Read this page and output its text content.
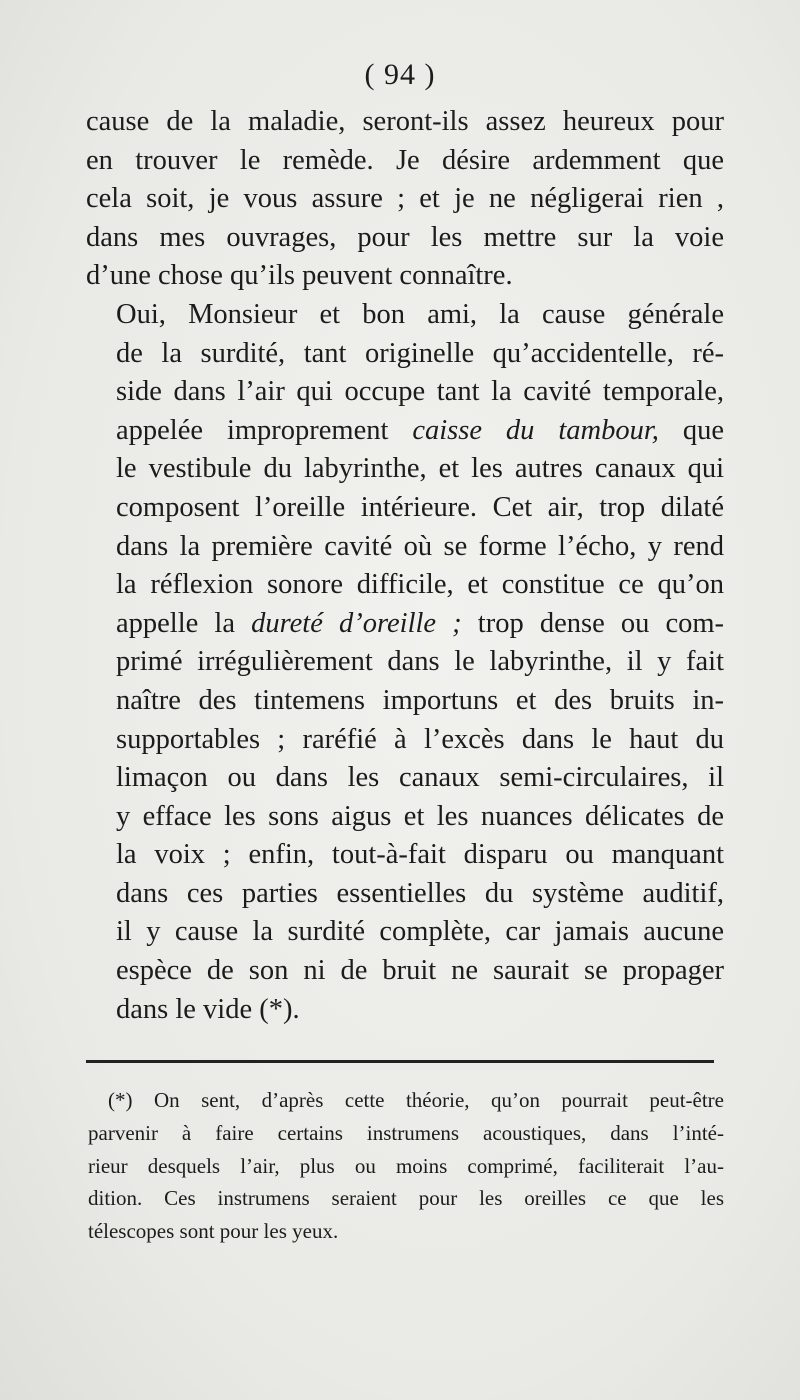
( 94 )

cause de la maladie, seront-ils assez heureux pour
en trouver le remède. Je désire ardemment que
cela soit, je vous assure ; et je ne négligerai rien ,
dans mes ouvrages, pour les mettre sur la voie
d’une chose qu’ils peuvent connaître.

Oui, Monsieur et bon ami, la cause générale
de la surdité, tant originelle qu’accidentelle, ré-
side dans l’air qui occupe tant la cavité temporale,
appelée improprement caisse du tambour, que
le vestibule du labyrinthe, et les autres canaux qui
composent l’oreille intérieure. Cet air, trop dilaté
dans la première cavité où se forme l’écho, y rend
la réflexion sonore difficile, et constitue ce qu’on
appelle la dureté d’oreille ; trop dense ou com-
primé irrégulièrement dans le labyrinthe, il y fait
naître des tintemens importuns et des bruits in-
supportables ; raréfié à l’excès dans le haut du
limaçon ou dans les canaux semi-circulaires, il
y efface les sons aigus et les nuances délicates de
la voix ; enfin, tout-à-fait disparu ou manquant
dans ces parties essentielles du système auditif,
il y cause la surdité complète, car jamais aucune
espèce de son ni de bruit ne saurait se propager
dans le vide (*).

(*) On sent, d’après cette théorie, qu’on pourrait peut-être
parvenir à faire certains instrumens acoustiques, dans l’inté-
rieur desquels l’air, plus ou moins comprimé, faciliterait l’au-
dition. Ces instrumens seraient pour les oreilles ce que les
télescopes sont pour les yeux.
